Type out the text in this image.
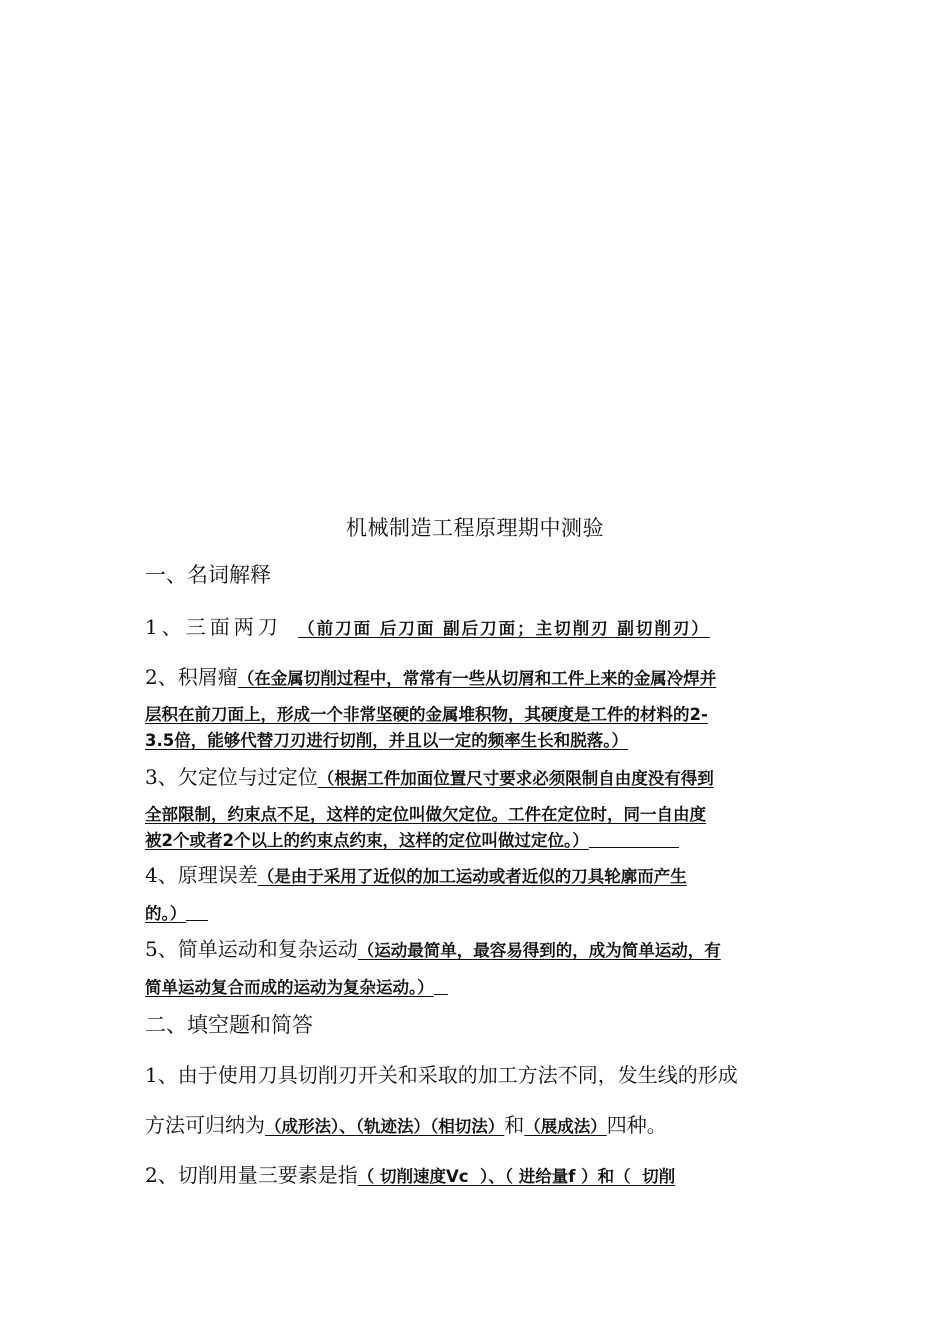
机械制造工程原理期中测验
一、名词解释
1、三面两刀 （前刀面 后刀面 副后刀面；主切削刃 副切削刃）
2、积屑瘤（在金属切削过程中，常常有一些从切屑和工件上来的金属冷焊并
层积在前刀面上，形成一个非常坚硬的金属堆积物，其硬度是工件的材料的2-
3.5倍，能够代替刀刃进行切削，并且以一定的频率生长和脱落。）
3、欠定位与过定位（根据工件加面位置尺寸要求必须限制自由度没有得到
全部限制，约束点不足，这样的定位叫做欠定位。工件在定位时，同一自由度
被2个或者2个以上的约束点约束，这样的定位叫做过定位。）
4、原理误差（是由于采用了近似的加工运动或者近似的刀具轮廓而产生
的。）
5、简单运动和复杂运动（运动最简单，最容易得到的，成为简单运动，有
简单运动复合而成的运动为复杂运动。）
二、填空题和简答
1、由于使用刀具切削刃开关和采取的加工方法不同，发生线的形成
方法可归纳为（成形法）、（轨迹法）（相切法）和（展成法）四种。
2、切削用量三要素是指（ 切削速度Vc  ）、（ 进给量f ）和（  切削
